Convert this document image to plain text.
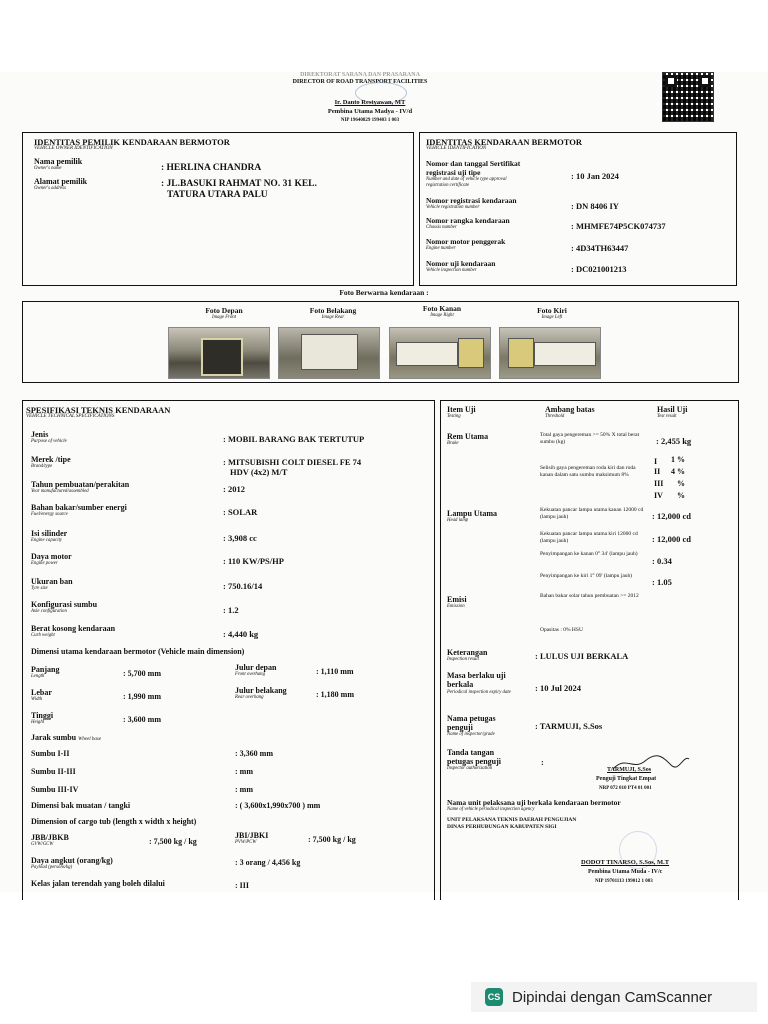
DIREKTORAT SARANA DAN PRASARANA
DIRECTOR OF ROAD TRANSPORT FACILITIES
Ir. Danto Restyawan, MT
Pembina Utama Madya - IV/d
NIP 19640829 199403 1 003
IDENTITAS PEMILIK KENDARAAN BERMOTOR
VEHICLE OWNER IDENTIFICATION
Nama pemilik
Owner's name	: HERLINA CHANDRA
Alamat pemilik
Owner's address	: JL.BASUKI RAHMAT NO. 31 KEL.
TATURA UTARA PALU
IDENTITAS KENDARAAN BERMOTOR
VEHICLE IDENTIFICATION
Nomor dan tanggal Sertifikat
registrasi uji tipe
Number and date of vehicle type approval
registration certificate
: 10 Jan 2024
Nomor registrasi kendaraan
Vehicle registration number	: DN 8406 IY
Nomor rangka kendaraan
Chassis number	: MHMFE74P5CK074737
Nomor motor penggerak
Engine number	: 4D34TH63447
Nomor uji kendaraan
Vehicle inspection number	: DC021001213
Foto Berwarna kendaraan :
Foto Depan
Image Front
Foto Belakang
Image Rear
Foto Kanan
Image Right
Foto Kiri
Image Left
SPESIFIKASI TEKNIS KENDARAAN
VEHICLE TECHNICAL SPECIFICATIONS
Jenis
Purpose of vehicle	: MOBIL BARANG BAK TERTUTUP
Merek /tipe
Brand/type	: MITSUBISHI COLT DIESEL FE 74
HDV (4x2) M/T
Tahun pembuatan/perakitan
Year manufactured/assembled	: 2012
Bahan bakar/sumber energi
Fuel/energy source	: SOLAR
Isi silinder
Engine capacity	: 3,908 cc
Daya motor
Engine power	: 110 KW/PS/HP
Ukuran ban
Tyre size	: 750.16/14
Konfigurasi sumbu
Axle configuration	: 1.2
Berat kosong kendaraan
Curb weight	: 4,440 kg
Dimensi utama kendaraan bermotor (Vehicle main dimension)
Panjang
Length	: 5,700 mm
Julur depan
Front overhang	: 1,110 mm
Lebar
Width	: 1,990 mm
Julur belakang
Rear overhang	: 1,180 mm
Tinggi
Height	: 3,600 mm
Jarak sumbu Wheel base
Sumbu I-II	: 3,360 mm
Sumbu II-III	: mm
Sumbu III-IV	: mm
Dimensi bak muatan / tangki	: ( 3,600x1,990x700 ) mm
Dimension of cargo tub (length x width x height)
JBB/JBKB
GVW/GCW	: 7,500 kg / kg
JBI/JBKI
PVW/PCW	: 7,500 kg / kg
Daya angkut (orang/kg)
Payload (persons/kg)
: 3 orang / 4,456 kg
Kelas jalan terendah yang boleh dilalui	: III
Item Uji
Testing
Ambang batas
Threshold
Hasil Uji
Test result
Rem Utama
Brake
Total gaya pengereman >= 50% X total berat sumbu (kg)	: 2,455 kg
Selisih gaya pengereman roda kiri dan roda kanan dalam satu sumbu maksimum 8%
I 1 %
II 4 %
III %
IV %
Lampu Utama
Head lamp
Kekuatan pancar lampu utama kanan 12000 cd (lampu jauh)	: 12,000 cd
Kekuatan pancar lampu utama kiri 12000 cd (lampu jauh)	: 12,000 cd
Penyimpangan ke kanan 0° 34' (lampu jauh)
: 0.34
Penyimpangan ke kiri 1° 09' (lampu jauh)
: 1.05
Emisi
Emission
Bahan bakar solar tahun pembuatan >= 2012
Opasitas : 0% HSU
Keterangan
Inspection result	: LULUS UJI BERKALA
Masa berlaku uji
berkala
Periodical inspection expiry date	: 10 Jul 2024
Nama petugas
penguji
Name of inspector/grade
: TARMUJI, S.Sos
Tanda tangan
petugas penguji
Inspector authorization
:
TARMUJI, S.Sos
Penguji Tingkat Empat
NRP 072 010 PT4 01 001
Nama unit pelaksana uji berkala kendaraan bermotor
Name of vehicle periodical inspection agency
UNIT PELAKSANA TEKNIS DAERAH PENGUJIAN
DINAS PERHUBUNGAN KABUPATEN SIGI
DODOT TINARSO, S.Sos, M.T
Pembina Utama Muda - IV/c
NIP 19701113 199012 1 003
CS Dipindai dengan CamScanner
